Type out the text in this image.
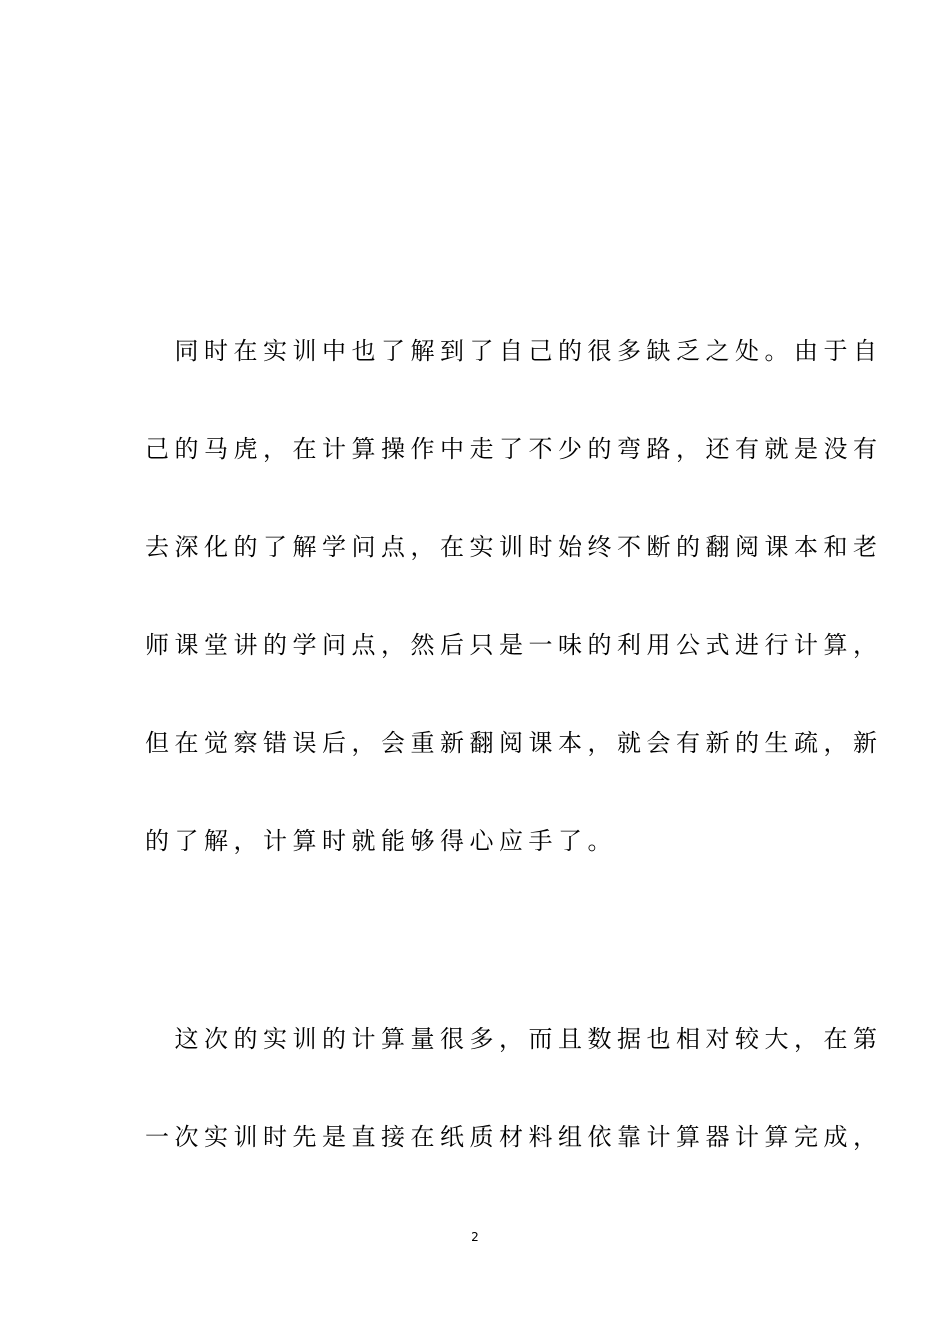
　同时在实训中也了解到了自己的很多缺乏之处。由于自
己的马虎，在计算操作中走了不少的弯路，还有就是没有
去深化的了解学问点，在实训时始终不断的翻阅课本和老
师课堂讲的学问点，然后只是一味的利用公式进行计算，
但在觉察错误后，会重新翻阅课本，就会有新的生疏，新
的了解，计算时就能够得心应手了。
　这次的实训的计算量很多，而且数据也相对较大，在第
一次实训时先是直接在纸质材料组依靠计算器计算完成，
2
